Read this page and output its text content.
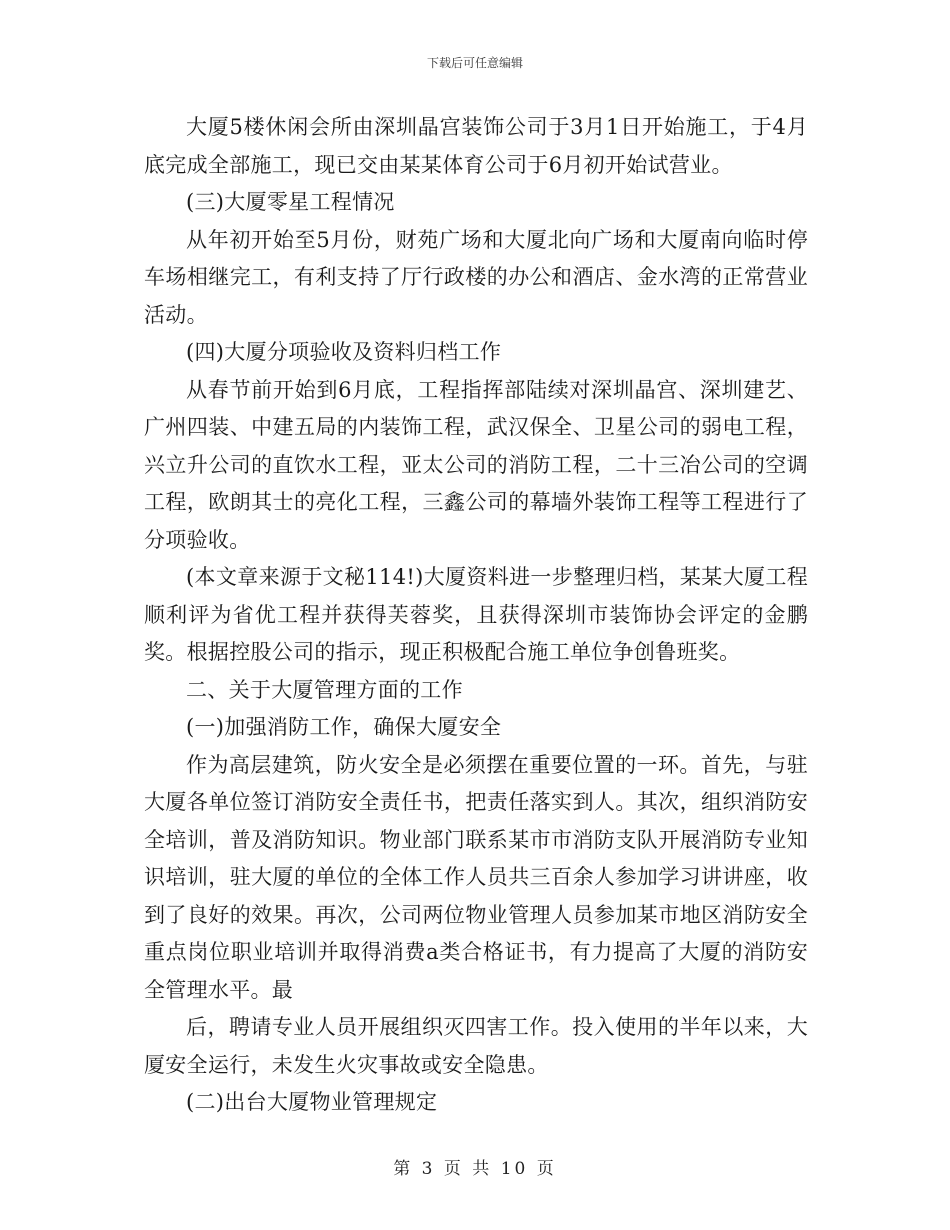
下载后可任意编辑

大厦5楼休闲会所由深圳晶宫装饰公司于3月1日开始施工，于4月底完成全部施工，现已交由某某体育公司于6月初开始试营业。

(三)大厦零星工程情况

从年初开始至5月份，财苑广场和大厦北向广场和大厦南向临时停车场相继完工，有利支持了厅行政楼的办公和酒店、金水湾的正常营业活动。

(四)大厦分项验收及资料归档工作

从春节前开始到6月底，工程指挥部陆续对深圳晶宫、深圳建艺、广州四装、中建五局的内装饰工程，武汉保全、卫星公司的弱电工程，兴立升公司的直饮水工程，亚太公司的消防工程，二十三冶公司的空调工程，欧朗其士的亮化工程，三鑫公司的幕墙外装饰工程等工程进行了分项验收。

(本文章来源于文秘114!)大厦资料进一步整理归档，某某大厦工程顺利评为省优工程并获得芙蓉奖，且获得深圳市装饰协会评定的金鹏奖。根据控股公司的指示，现正积极配合施工单位争创鲁班奖。

二、关于大厦管理方面的工作

(一)加强消防工作，确保大厦安全

作为高层建筑，防火安全是必须摆在重要位置的一环。首先，与驻大厦各单位签订消防安全责任书，把责任落实到人。其次，组织消防安全培训，普及消防知识。物业部门联系某市市消防支队开展消防专业知识培训，驻大厦的单位的全体工作人员共三百余人参加学习讲讲座，收到了良好的效果。再次，公司两位物业管理人员参加某市地区消防安全重点岗位职业培训并取得消费a类合格证书，有力提高了大厦的消防安全管理水平。最

后，聘请专业人员开展组织灭四害工作。投入使用的半年以来，大厦安全运行，未发生火灾事故或安全隐患。

(二)出台大厦物业管理规定

第 3 页 共 10 页
